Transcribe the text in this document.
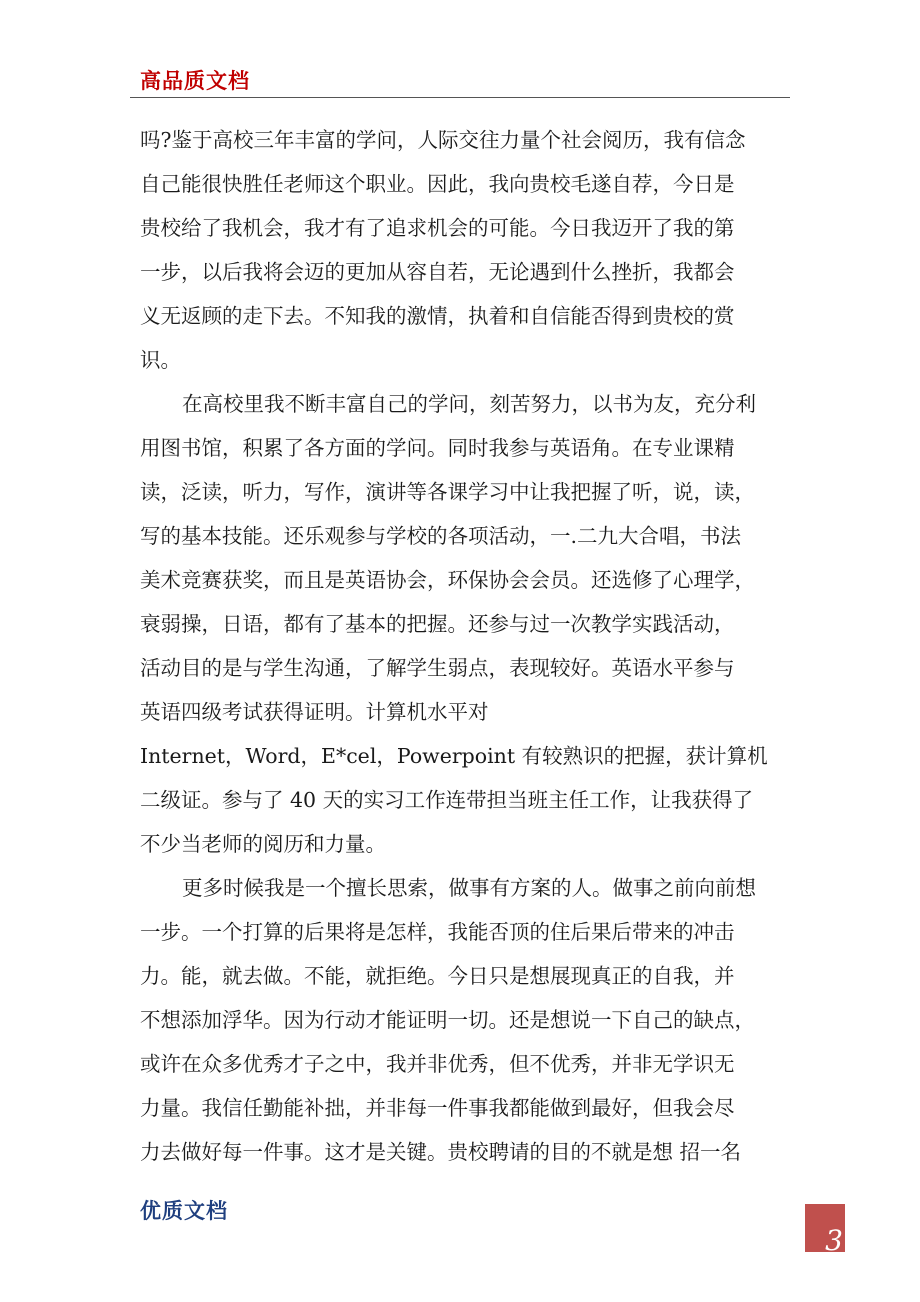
高品质文档
吗?鉴于高校三年丰富的学问，人际交往力量个社会阅历，我有信念
自己能很快胜任老师这个职业。因此，我向贵校毛遂自荐，今日是
贵校给了我机会，我才有了追求机会的可能。今日我迈开了我的第
一步，以后我将会迈的更加从容自若，无论遇到什么挫折，我都会
义无返顾的走下去。不知我的激情，执着和自信能否得到贵校的赏
识。
在高校里我不断丰富自己的学问，刻苦努力，以书为友，充分利
用图书馆，积累了各方面的学问。同时我参与英语角。在专业课精
读，泛读，听力，写作，演讲等各课学习中让我把握了听，说，读，
写的基本技能。还乐观参与学校的各项活动，一.二九大合唱，书法
美术竞赛获奖，而且是英语协会，环保协会会员。还选修了心理学，
衰弱操，日语，都有了基本的把握。还参与过一次教学实践活动，
活动目的是与学生沟通，了解学生弱点，表现较好。英语水平参与
英语四级考试获得证明。计算机水平对
Internet，Word，E*cel，Powerpoint 有较熟识的把握，获计算机
二级证。参与了 40 天的实习工作连带担当班主任工作，让我获得了
不少当老师的阅历和力量。
更多时候我是一个擅长思索，做事有方案的人。做事之前向前想
一步。一个打算的后果将是怎样，我能否顶的住后果后带来的冲击
力。能，就去做。不能，就拒绝。今日只是想展现真正的自我，并
不想添加浮华。因为行动才能证明一切。还是想说一下自己的缺点，
或许在众多优秀才子之中，我并非优秀，但不优秀，并非无学识无
力量。我信任勤能补拙，并非每一件事我都能做到最好，但我会尽
力去做好每一件事。这才是关键。贵校聘请的目的不就是想 招一名
优质文档
3
